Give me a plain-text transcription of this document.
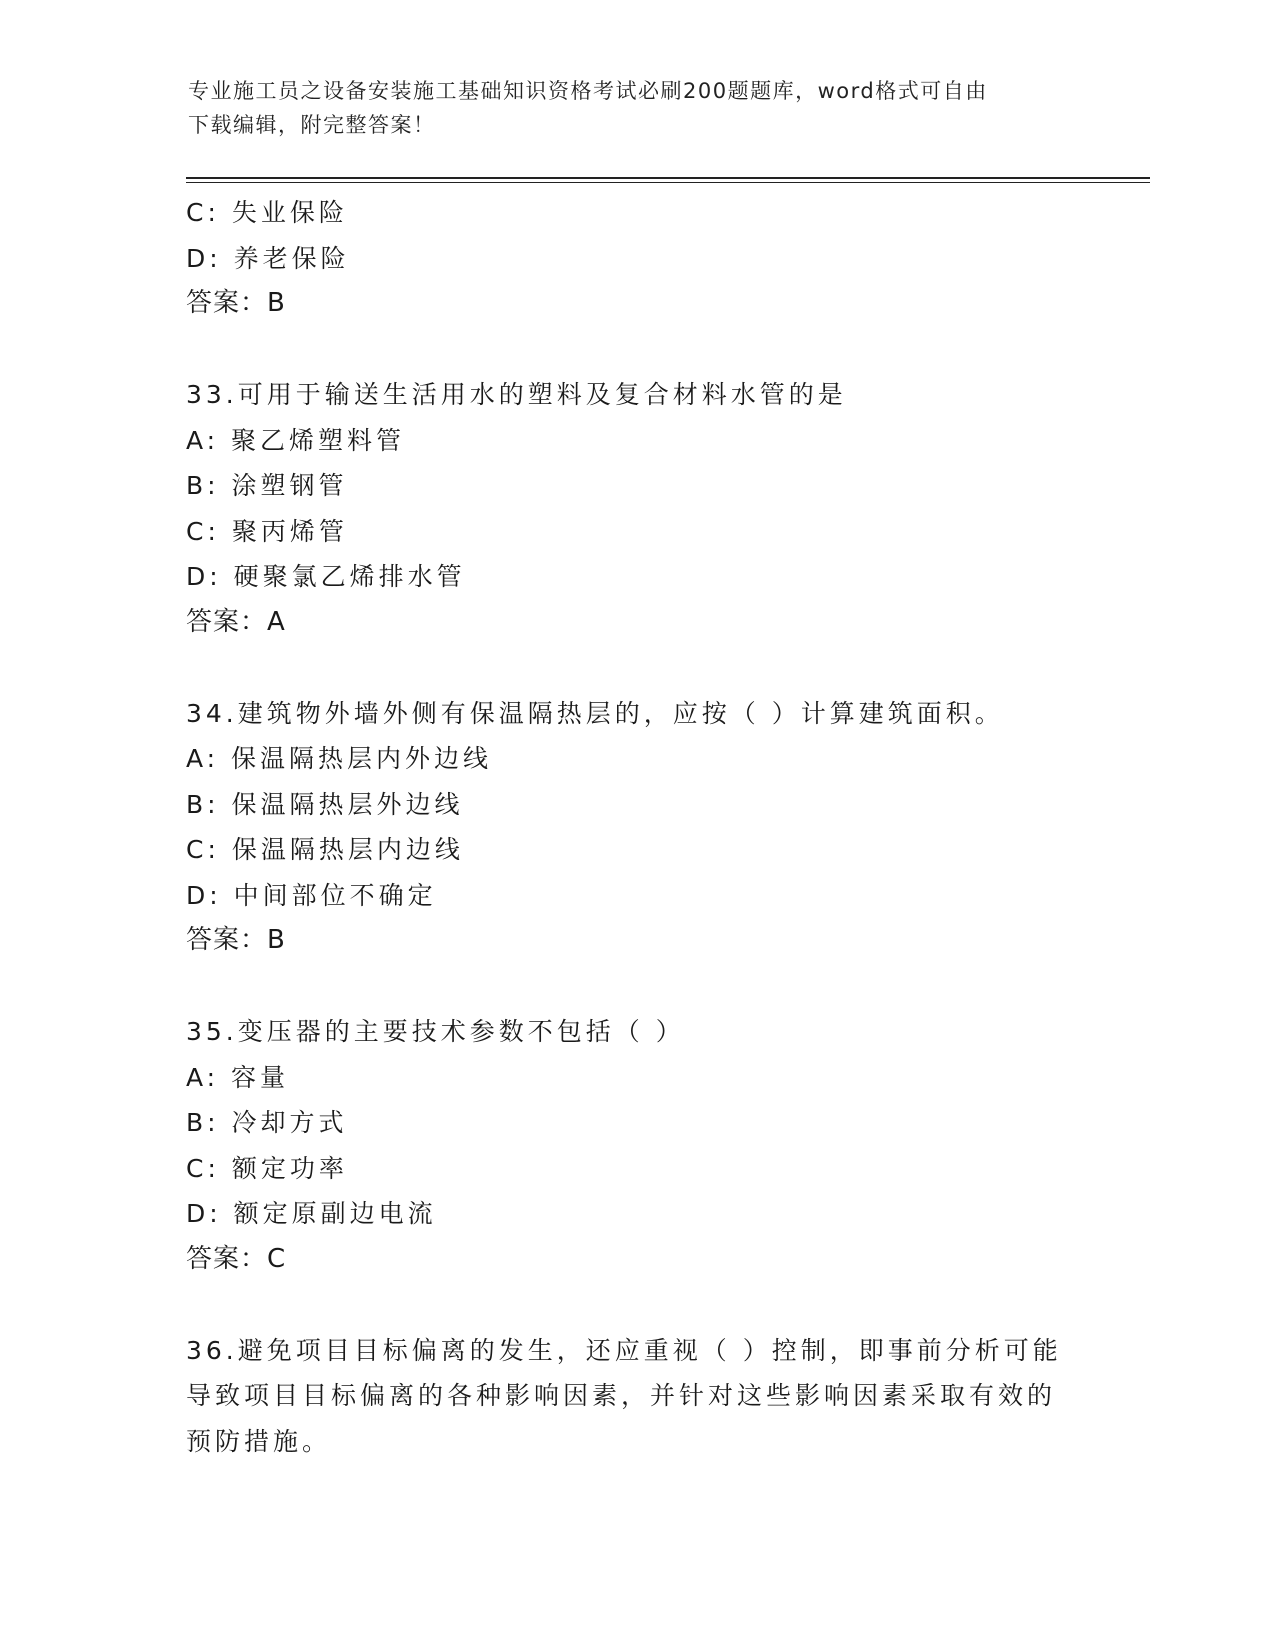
专业施工员之设备安装施工基础知识资格考试必刷200题题库，word格式可自由
下载编辑，附完整答案！
C: 失业保险
D: 养老保险
答案：B
33.可用于输送生活用水的塑料及复合材料水管的是
A: 聚乙烯塑料管
B: 涂塑钢管
C: 聚丙烯管
D: 硬聚氯乙烯排水管
答案：A
34.建筑物外墙外侧有保温隔热层的，应按（ ）计算建筑面积。
A: 保温隔热层内外边线
B: 保温隔热层外边线
C: 保温隔热层内边线
D: 中间部位不确定
答案：B
35.变压器的主要技术参数不包括（ ）
A: 容量
B: 冷却方式
C: 额定功率
D: 额定原副边电流
答案：C
36.避免项目目标偏离的发生，还应重视（ ）控制，即事前分析可能
导致项目目标偏离的各种影响因素，并针对这些影响因素采取有效的
预防措施。
